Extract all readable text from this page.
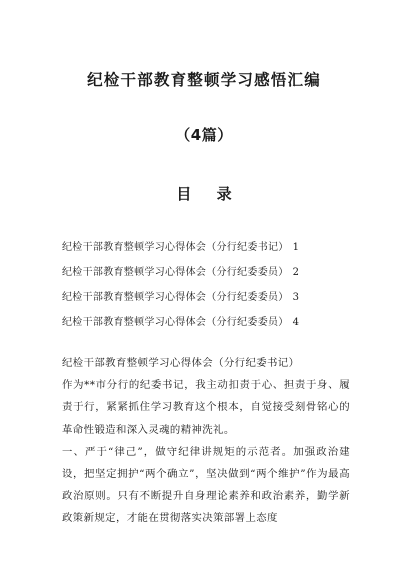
纪检干部教育整顿学习感悟汇编
（4篇）
目 录
纪检干部教育整顿学习心得体会（分行纪委书记） 1
纪检干部教育整顿学习心得体会（分行纪委委员） 2
纪检干部教育整顿学习心得体会（分行纪委委员） 3
纪检干部教育整顿学习心得体会（分行纪委委员） 4

纪检干部教育整顿学习心得体会（分行纪委书记）

作为**市分行的纪委书记，我主动扣责于心、担责于身、履责于行，紧紧抓住学习教育这个根本，自觉接受刻骨铭心的革命性锻造和深入灵魂的精神洗礼。

一、严于“律己”，做守纪律讲规矩的示范者。加强政治建设，把坚定拥护“两个确立”，坚决做到“两个维护”作为最高政治原则。只有不断提升自身理论素养和政治素养，勤学新政策新规定，才能在贯彻落实决策部署上态度
